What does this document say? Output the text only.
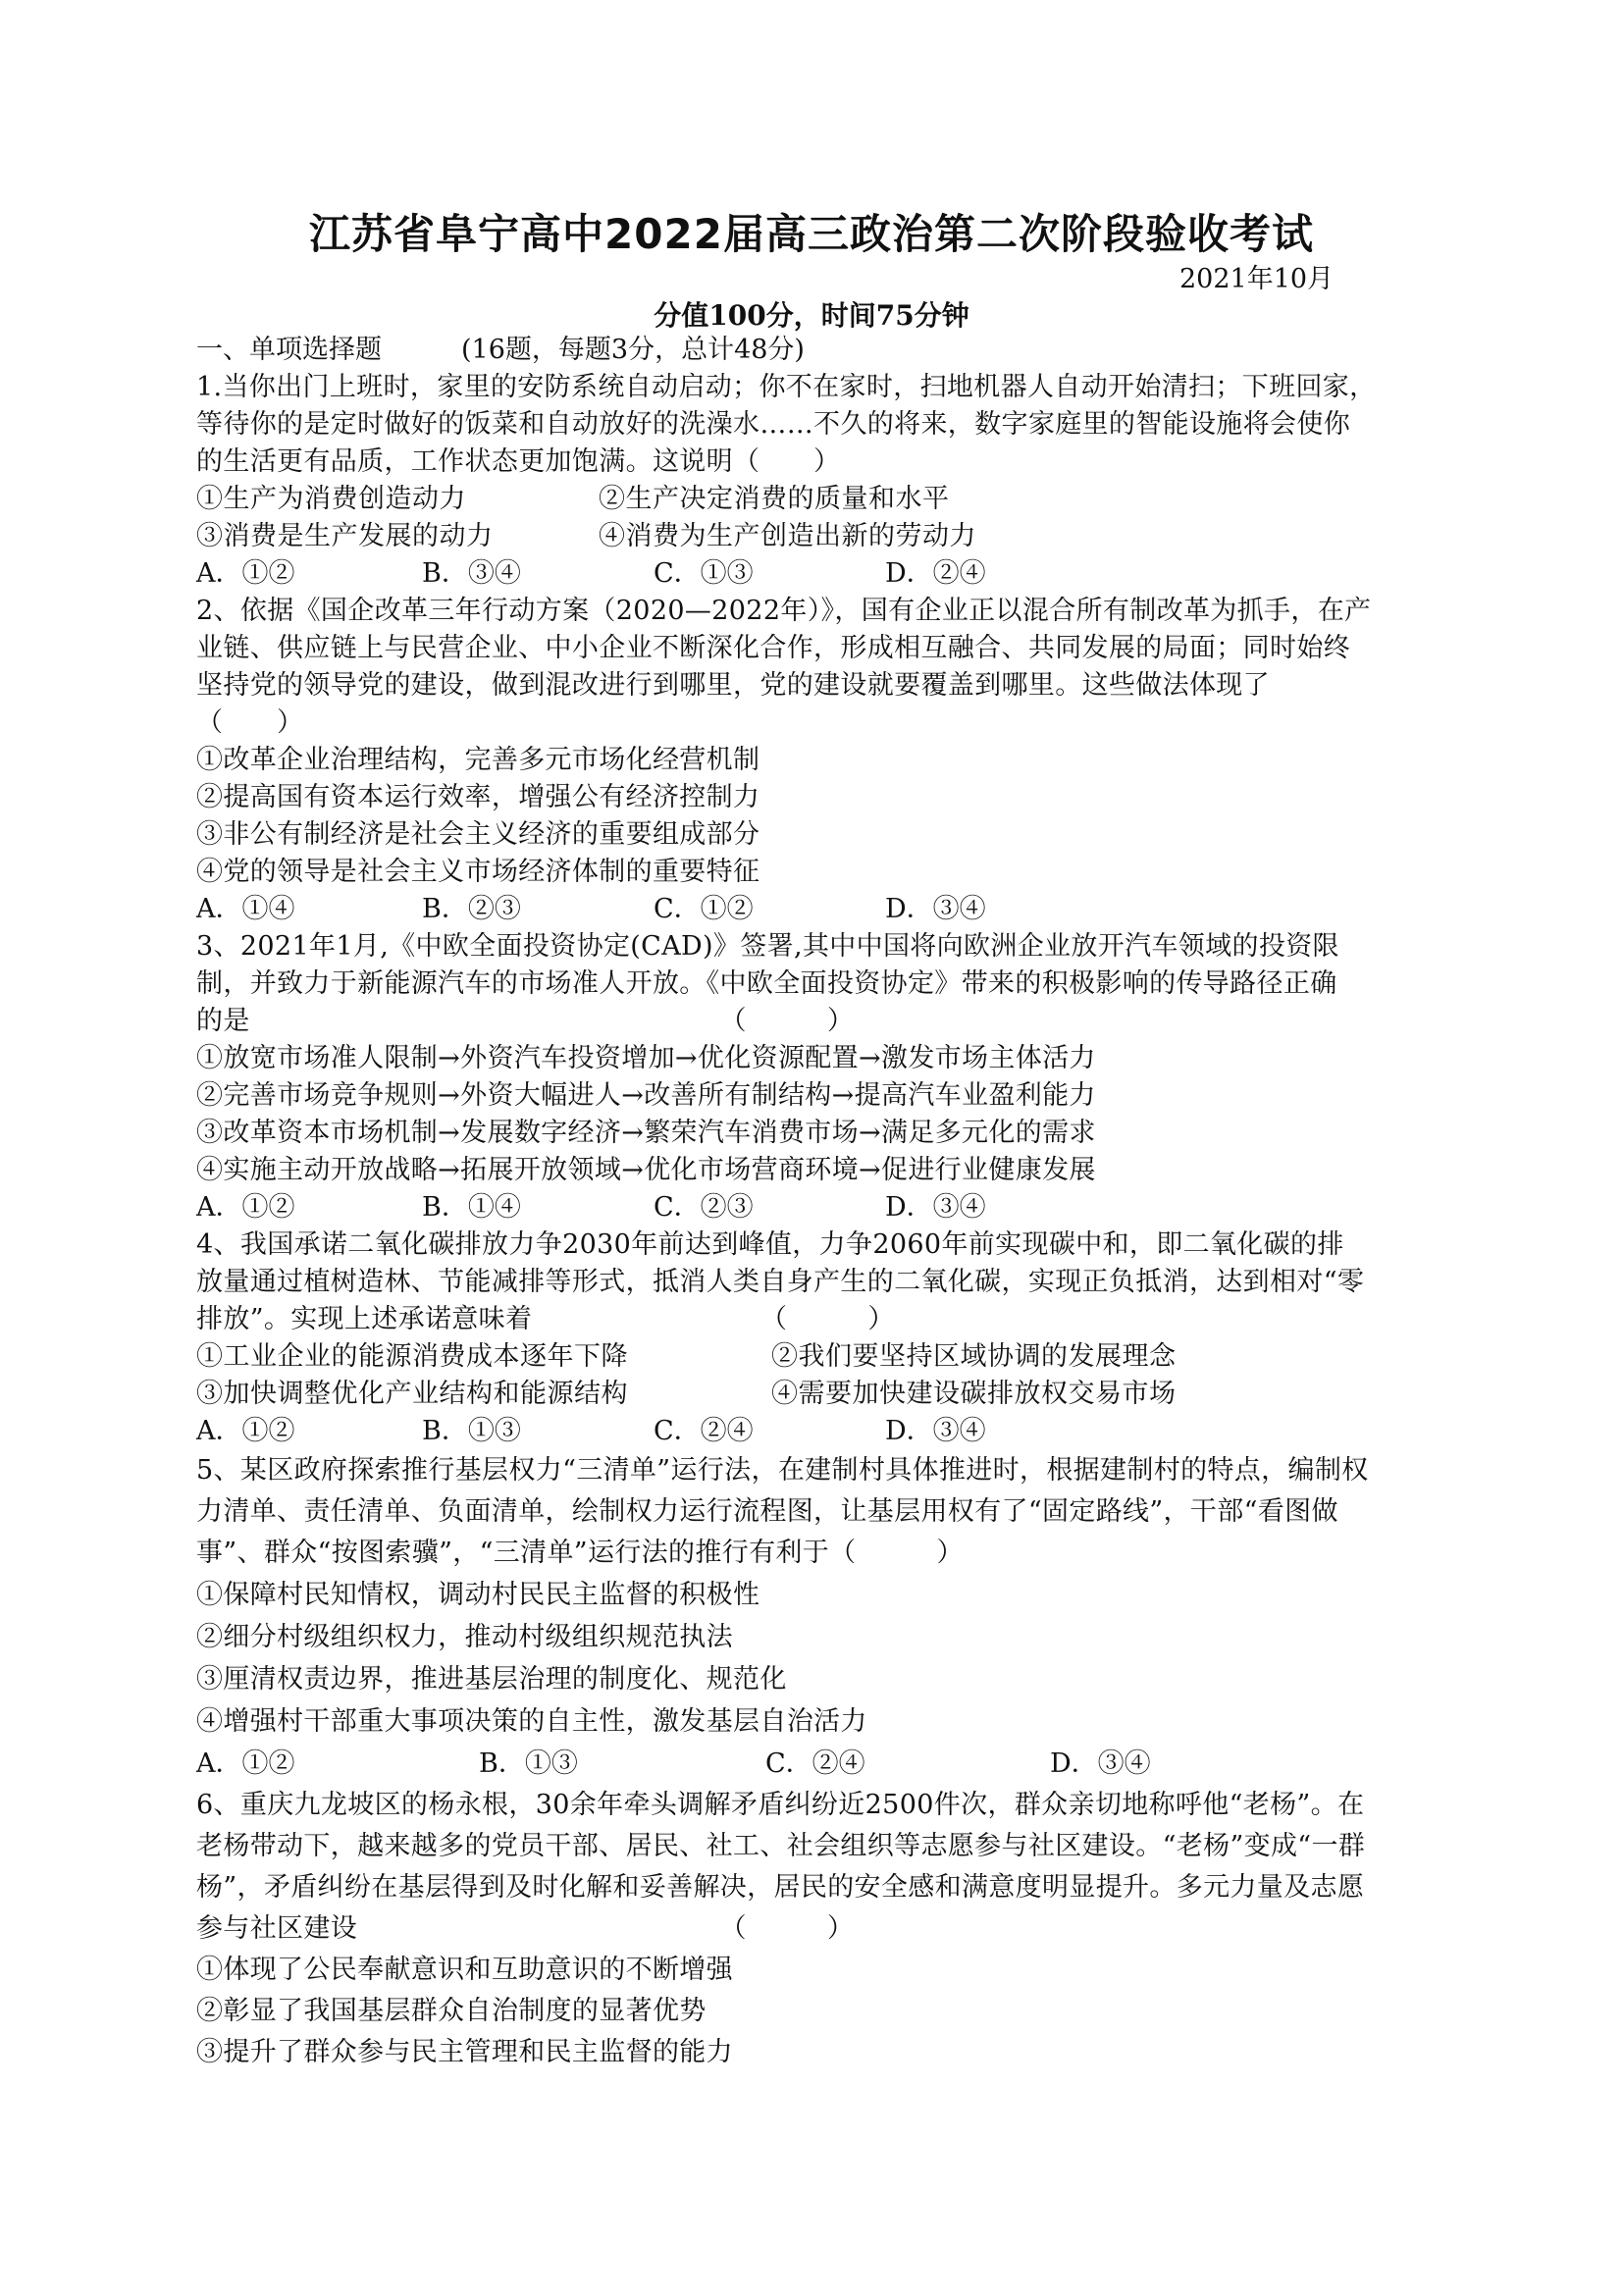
江苏省阜宁高中2022届高三政治第二次阶段验收考试
2021年10月
分值100分，时间75分钟
一、单项选择题　　　(16题，每题3分，总计48分)
1.当你出门上班时，家里的安防系统自动启动；你不在家时，扫地机器人自动开始清扫；下班回家，
等待你的是定时做好的饭菜和自动放好的洗澡水……不久的将来，数字家庭里的智能设施将会使你
的生活更有品质，工作状态更加饱满。这说明（　　）
①生产为消费创造动力	②生产决定消费的质量和水平
③消费是生产发展的动力	④消费为生产创造出新的劳动力
A．①②	B．③④	C．①③	D．②④
2、依据《国企改革三年行动方案（2020—2022年）》，国有企业正以混合所有制改革为抓手，在产
业链、供应链上与民营企业、中小企业不断深化合作，形成相互融合、共同发展的局面；同时始终
坚持党的领导党的建设，做到混改进行到哪里，党的建设就要覆盖到哪里。这些做法体现了
（　　）
①改革企业治理结构，完善多元市场化经营机制
②提高国有资本运行效率，增强公有经济控制力
③非公有制经济是社会主义经济的重要组成部分
④党的领导是社会主义市场经济体制的重要特征
A．①④	B．②③	C．①②	D．③④
3、2021年1月,《中欧全面投资协定(CAD)》签署,其中中国将向欧洲企业放开汽车领域的投资限
制，并致力于新能源汽车的市场准人开放。《中欧全面投资协定》带来的积极影响的传导路径正确
的是　　　　　　　　　　　　　　　　　　（　　　）
①放宽市场准人限制→外资汽车投资增加→优化资源配置→激发市场主体活力
②完善市场竞争规则→外资大幅进人→改善所有制结构→提高汽车业盈利能力
③改革资本市场机制→发展数字经济→繁荣汽车消费市场→满足多元化的需求
④实施主动开放战略→拓展开放领域→优化市场营商环境→促进行业健康发展
A．①②	B．①④	C．②③	D．③④
4、我国承诺二氧化碳排放力争2030年前达到峰值，力争2060年前实现碳中和，即二氧化碳的排
放量通过植树造林、节能减排等形式，抵消人类自身产生的二氧化碳，实现正负抵消，达到相对“零
排放”。实现上述承诺意味着　　　　　　　　　（　　　）
①工业企业的能源消费成本逐年下降	②我们要坚持区域协调的发展理念
③加快调整优化产业结构和能源结构	④需要加快建设碳排放权交易市场
A．①②	B．①③	C．②④	D．③④
5、某区政府探索推行基层权力“三清单”运行法，在建制村具体推进时，根据建制村的特点，编制权
力清单、责任清单、负面清单，绘制权力运行流程图，让基层用权有了“固定路线”，干部“看图做
事”、群众“按图索骥”，“三清单”运行法的推行有利于（　　　）
①保障村民知情权，调动村民民主监督的积极性
②细分村级组织权力，推动村级组织规范执法
③厘清权责边界，推进基层治理的制度化、规范化
④增强村干部重大事项决策的自主性，激发基层自治活力
A．①②	B．①③	C．②④	D．③④
6、重庆九龙坡区的杨永根，30余年牵头调解矛盾纠纷近2500件次，群众亲切地称呼他“老杨”。在
老杨带动下，越来越多的党员干部、居民、社工、社会组织等志愿参与社区建设。“老杨”变成“一群
杨”，矛盾纠纷在基层得到及时化解和妥善解决，居民的安全感和满意度明显提升。多元力量及志愿
参与社区建设　　　　　　　　　　　　　　（　　　）
①体现了公民奉献意识和互助意识的不断增强
②彰显了我国基层群众自治制度的显著优势
③提升了群众参与民主管理和民主监督的能力
